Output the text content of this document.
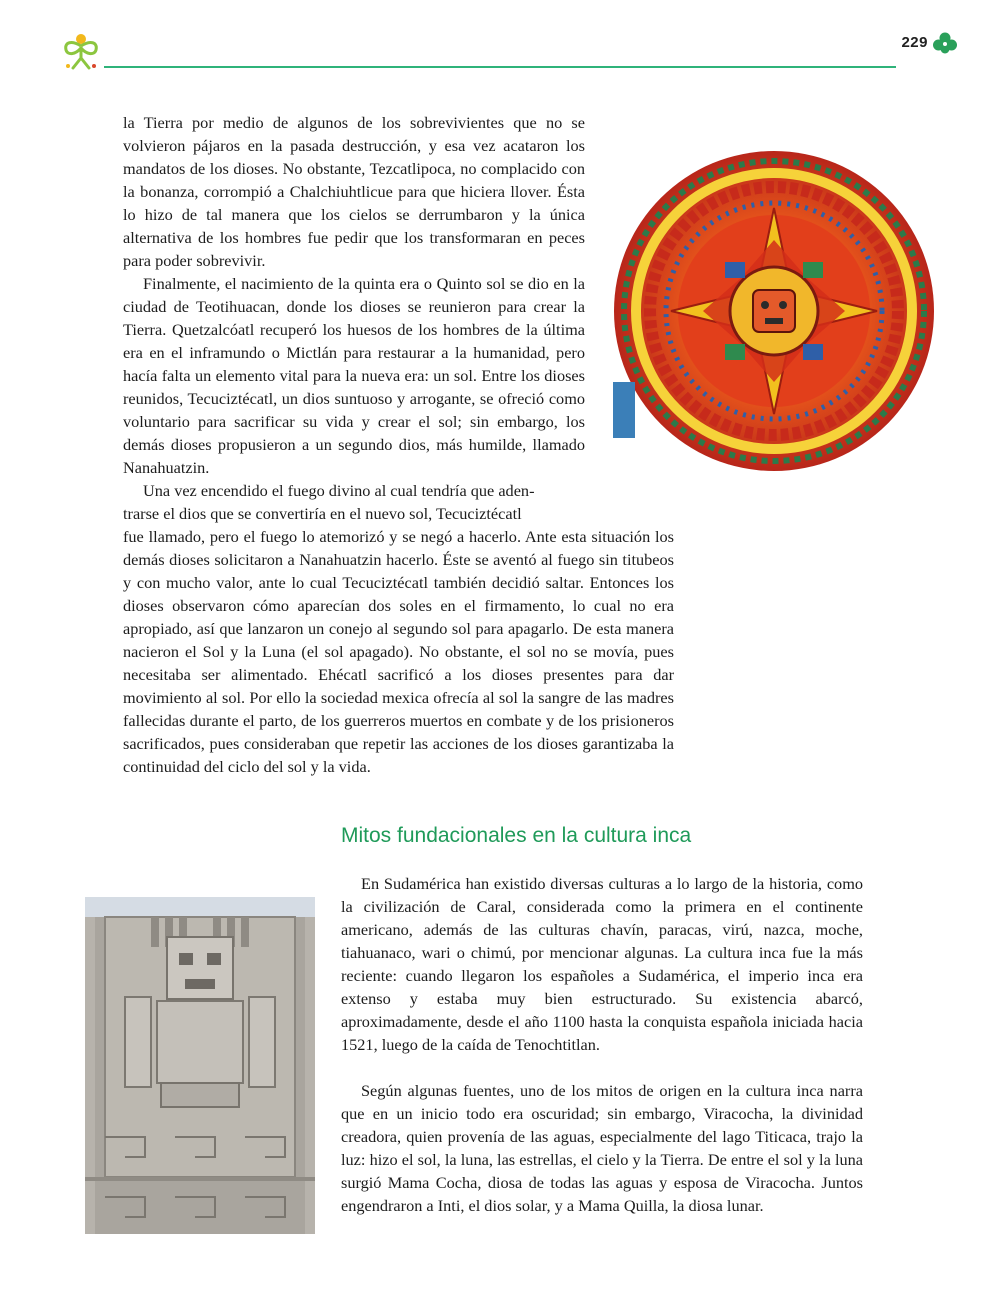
229

la Tierra por medio de algunos de los sobrevivientes que no se volvieron pájaros en la pasada destrucción, y esa vez acataron los mandatos de los dioses. No obstante, Tezcatlipoca, no complacido con la bonanza, corrompió a Chalchiuhtlicue para que hiciera llover. Ésta lo hizo de tal manera que los cielos se derrumbaron y la única alternativa de los hombres fue pedir que los transformaran en peces para poder sobrevivir.

Finalmente, el nacimiento de la quinta era o Quinto sol se dio en la ciudad de Teotihuacan, donde los dioses se reunieron para crear la Tierra. Quetzalcóatl recuperó los huesos de los hombres de la última era en el inframundo o Mictlán para restaurar a la humanidad, pero hacía falta un elemento vital para la nueva era: un sol. Entre los dioses reunidos, Tecuciztécatl, un dios suntuoso y arrogante, se ofreció como voluntario para sacrificar su vida y crear el sol; sin embargo, los demás dioses propusieron a un segundo dios, más humilde, llamado Nanahuatzin.

Una vez encendido el fuego divino al cual tendría que aden-
trarse el dios que se convertiría en el nuevo sol, Tecuciztécatl

fue llamado, pero el fuego lo atemorizó y se negó a hacerlo. Ante esta situación los demás dioses solicitaron a Nanahuatzin hacerlo. Éste se aventó al fuego sin titubeos y con mucho valor, ante lo cual Tecuciztécatl también decidió saltar. Entonces los dioses observaron cómo aparecían dos soles en el firmamento, lo cual no era apropiado, así que lanzaron un conejo al segundo sol para apagarlo. De esta manera nacieron el Sol y la Luna (el sol apagado). No obstante, el sol no se movía, pues necesitaba ser alimentado. Ehécatl sacrificó a los dioses presentes para dar movimiento al sol. Por ello la sociedad mexica ofrecía al sol la sangre de las madres fallecidas durante el parto, de los guerreros muertos en combate y de los prisioneros sacrificados, pues consideraban que repetir las acciones de los dioses garantizaba la continuidad del ciclo del sol y la vida.

Mitos fundacionales en la cultura inca

En Sudamérica han existido diversas culturas a lo largo de la historia, como la civilización de Caral, considerada como la primera en el continente americano, además de las culturas chavín, paracas, virú, nazca, moche, tiahuanaco, wari o chimú, por mencionar algunas. La cultura inca fue la más reciente: cuando llegaron los españoles a Sudamérica, el imperio inca era extenso y estaba muy bien estructurado. Su existencia abarcó, aproximadamente, desde el año 1100 hasta la conquista española iniciada hacia 1521, luego de la caída de Tenochtitlan.

Según algunas fuentes, uno de los mitos de origen en la cultura inca narra que en un inicio todo era oscuridad; sin embargo, Viracocha, la divinidad creadora, quien provenía de las aguas, especialmente del lago Titicaca, trajo la luz: hizo el sol, la luna, las estrellas, el cielo y la Tierra. De entre el sol y la luna surgió Mama Cocha, diosa de todas las aguas y esposa de Viracocha. Juntos engendraron a Inti, el dios solar, y a Mama Quilla, la diosa lunar.
